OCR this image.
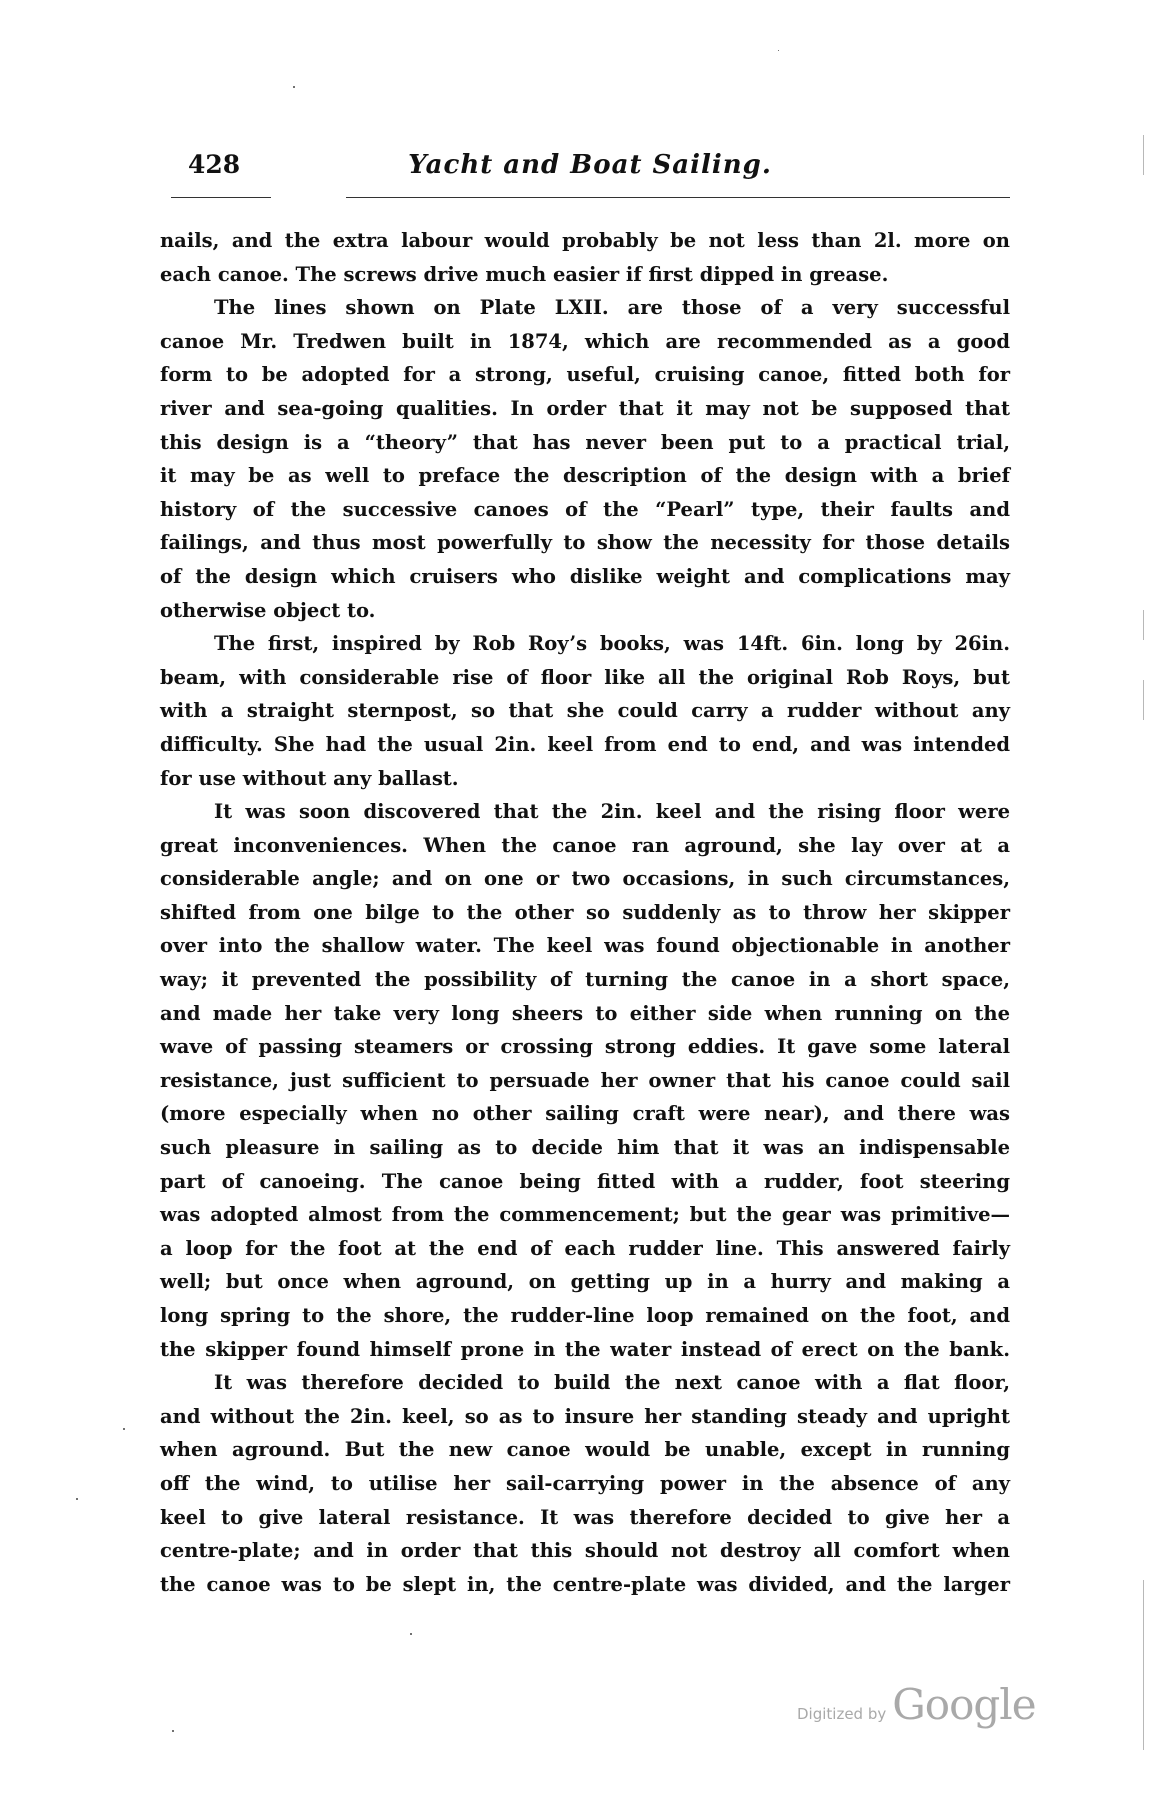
428	Yacht and Boat Sailing.
nails, and the extra labour would probably be not less than 2l. more on
each canoe. The screws drive much easier if first dipped in grease.
The lines shown on Plate LXII. are those of a very successful
canoe Mr. Tredwen built in 1874, which are recommended as a good
form to be adopted for a strong, useful, cruising canoe, fitted both for
river and sea-going qualities. In order that it may not be supposed that
this design is a “theory” that has never been put to a practical trial,
it may be as well to preface the description of the design with a brief
history of the successive canoes of the “Pearl” type, their faults and
failings, and thus most powerfully to show the necessity for those details
of the design which cruisers who dislike weight and complications may
otherwise object to.
The first, inspired by Rob Roy’s books, was 14ft. 6in. long by 26in.
beam, with considerable rise of floor like all the original Rob Roys, but
with a straight sternpost, so that she could carry a rudder without any
difficulty. She had the usual 2in. keel from end to end, and was intended
for use without any ballast.
It was soon discovered that the 2in. keel and the rising floor were
great inconveniences. When the canoe ran aground, she lay over at a
considerable angle; and on one or two occasions, in such circumstances,
shifted from one bilge to the other so suddenly as to throw her skipper
over into the shallow water. The keel was found objectionable in another
way; it prevented the possibility of turning the canoe in a short space,
and made her take very long sheers to either side when running on the
wave of passing steamers or crossing strong eddies. It gave some lateral
resistance, just sufficient to persuade her owner that his canoe could sail
(more especially when no other sailing craft were near), and there was
such pleasure in sailing as to decide him that it was an indispensable
part of canoeing. The canoe being fitted with a rudder, foot steering
was adopted almost from the commencement; but the gear was primitive—
a loop for the foot at the end of each rudder line. This answered fairly
well; but once when aground, on getting up in a hurry and making a
long spring to the shore, the rudder-line loop remained on the foot, and
the skipper found himself prone in the water instead of erect on the bank.
It was therefore decided to build the next canoe with a flat floor,
and without the 2in. keel, so as to insure her standing steady and upright
when aground. But the new canoe would be unable, except in running
off the wind, to utilise her sail-carrying power in the absence of any
keel to give lateral resistance. It was therefore decided to give her a
centre-plate; and in order that this should not destroy all comfort when
the canoe was to be slept in, the centre-plate was divided, and the larger
Digitized by Google
